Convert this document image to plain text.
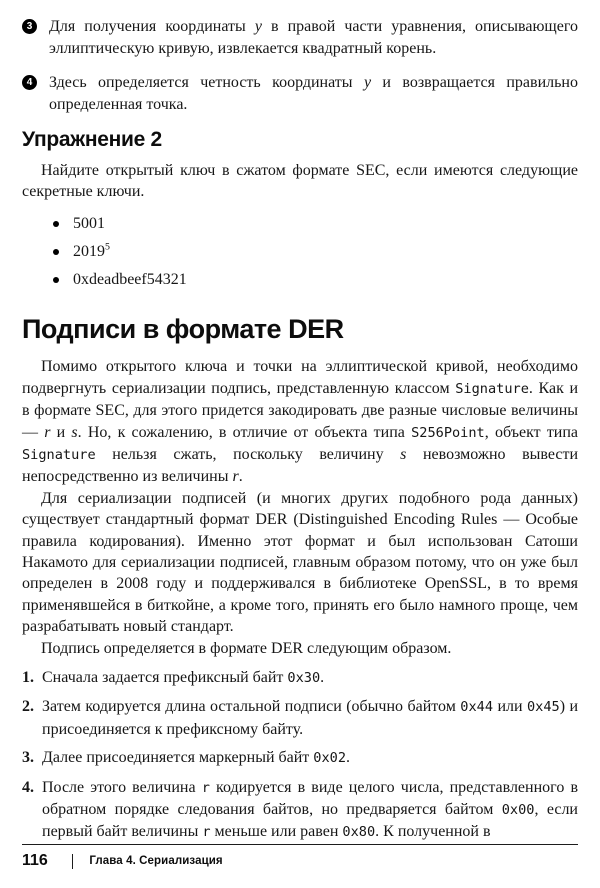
3 Для получения координаты y в правой части уравнения, описывающего эллиптическую кривую, извлекается квадратный корень.

4 Здесь определяется четность координаты y и возвращается правильно определенная точка.

Упражнение 2

Найдите открытый ключ в сжатом формате SEC, если имеются следующие секретные ключи.

5001
2019$^5$
0xdeadbeef54321
Подписи в формате DER

Помимо открытого ключа и точки на эллиптической кривой, необходимо подвергнуть сериализации подпись, представленную классом Signature. Как и в формате SEC, для этого придется закодировать две разные числовые величины — r и s. Но, к сожалению, в отличие от объекта типа S256Point, объект типа Signature нельзя сжать, поскольку величину s невозможно вывести непосредственно из величины r.

Для сериализации подписей (и многих других подобного рода данных) существует стандартный формат DER (Distinguished Encoding Rules — Особые правила кодирования). Именно этот формат и был использован Сатоши Накамото для сериализации подписей, главным образом потому, что он уже был определен в 2008 году и поддерживался в библиотеке OpenSSL, в то время применявшейся в биткойне, а кроме того, принять его было намного проще, чем разрабатывать новый стандарт.

Подпись определяется в формате DER следующим образом.

1. Сначала задается префиксный байт 0x30.
2. Затем кодируется длина остальной подписи (обычно байтом 0x44 или 0x45) и присоединяется к префиксному байту.
3. Далее присоединяется маркерный байт 0x02.
4. После этого величина r кодируется в виде целого числа, представленного в обратном порядке следования байтов, но предваряется байтом 0x00, если первый байт величины r меньше или равен 0x80. К полученной в
116	Глава 4. Сериализация
